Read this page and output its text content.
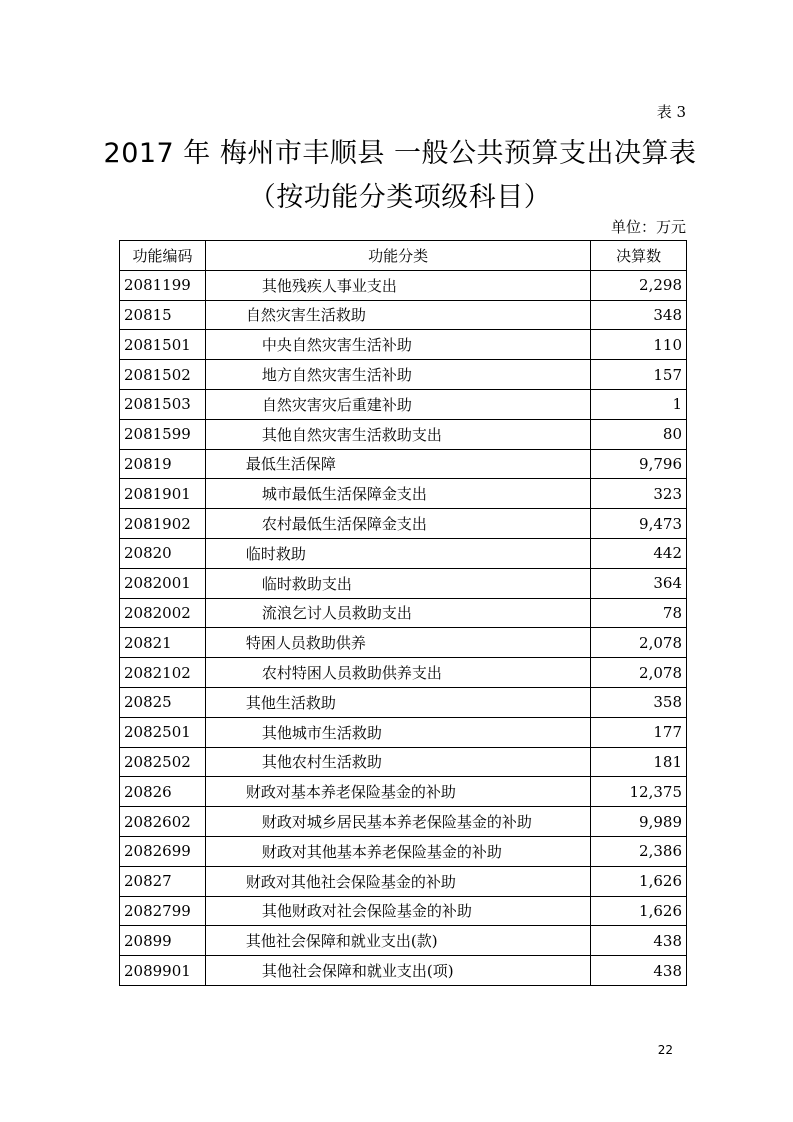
表 3
2017 年 梅州市丰顺县 一般公共预算支出决算表（按功能分类项级科目）
单位：万元
功能编码	功能分类	决算数
2081199	其他残疾人事业支出	2,298
20815	自然灾害生活救助	348
2081501	中央自然灾害生活补助	110
2081502	地方自然灾害生活补助	157
2081503	自然灾害灾后重建补助	1
2081599	其他自然灾害生活救助支出	80
20819	最低生活保障	9,796
2081901	城市最低生活保障金支出	323
2081902	农村最低生活保障金支出	9,473
20820	临时救助	442
2082001	临时救助支出	364
2082002	流浪乞讨人员救助支出	78
20821	特困人员救助供养	2,078
2082102	农村特困人员救助供养支出	2,078
20825	其他生活救助	358
2082501	其他城市生活救助	177
2082502	其他农村生活救助	181
20826	财政对基本养老保险基金的补助	12,375
2082602	财政对城乡居民基本养老保险基金的补助	9,989
2082699	财政对其他基本养老保险基金的补助	2,386
20827	财政对其他社会保险基金的补助	1,626
2082799	其他财政对社会保险基金的补助	1,626
20899	其他社会保障和就业支出(款)	438
2089901	其他社会保障和就业支出(项)	438
22
